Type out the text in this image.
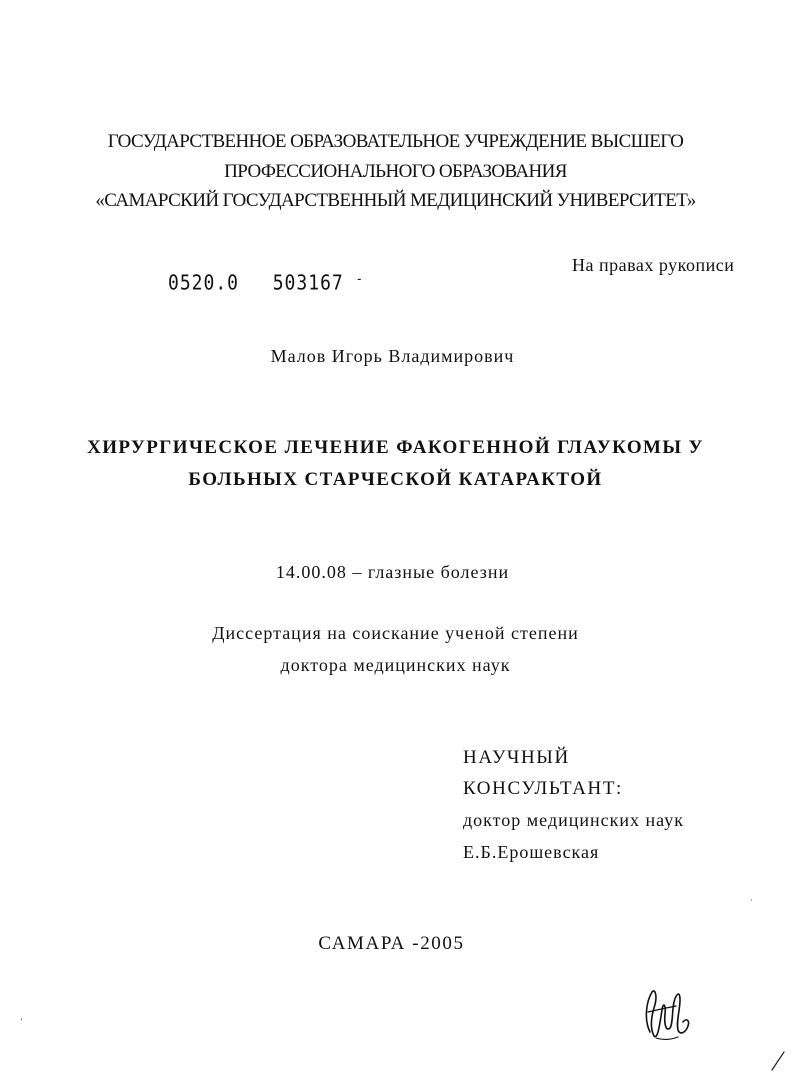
ГОСУДАРСТВЕННОЕ ОБРАЗОВАТЕЛЬНОЕ УЧРЕЖДЕНИЕ ВЫСШЕГО
ПРОФЕССИОНАЛЬНОГО ОБРАЗОВАНИЯ
«САМАРСКИЙ ГОСУДАРСТВЕННЫЙ МЕДИЦИНСКИЙ УНИВЕРСИТЕТ»
На правах рукописи
0520.0 503167 -
Малов Игорь Владимирович
ХИРУРГИЧЕСКОЕ ЛЕЧЕНИЕ ФАКОГЕННОЙ ГЛАУКОМЫ У
БОЛЬНЫХ СТАРЧЕСКОЙ КАТАРАКТОЙ
14.00.08 – глазные болезни
Диссертация на соискание ученой степени
доктора медицинских наук
НАУЧНЫЙ
КОНСУЛЬТАНТ:
доктор медицинских наук
Е.Б.Ерошевская
САМАРА -2005
·
ʼ
